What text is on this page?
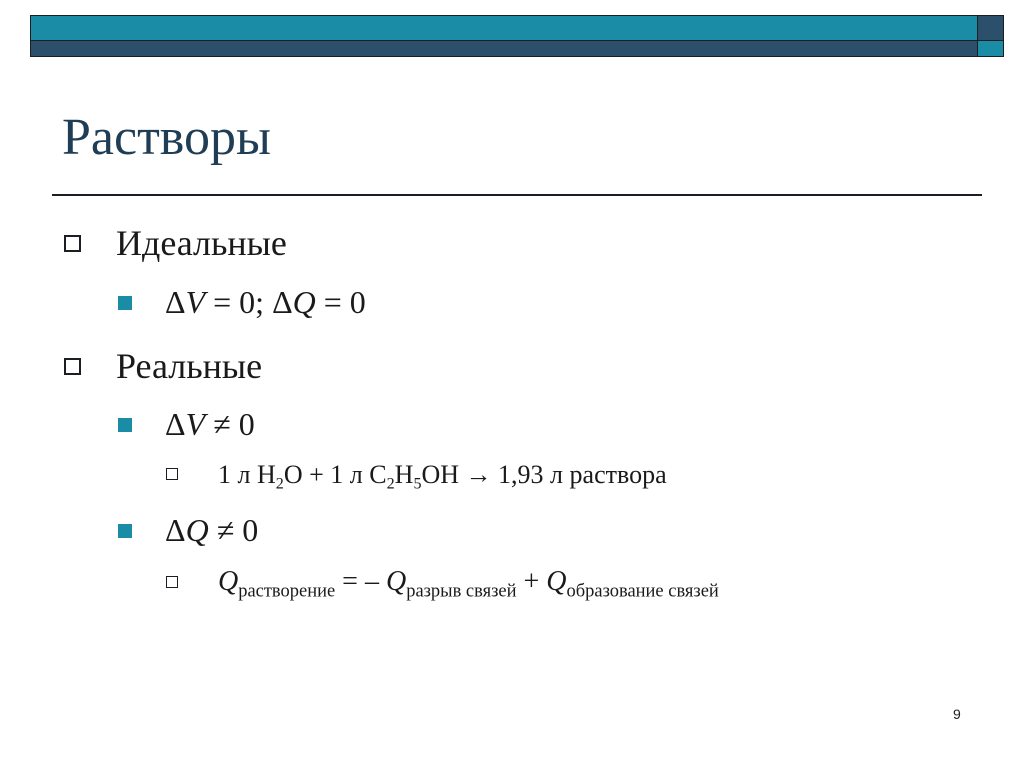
Растворы
Идеальные
ΔV = 0; ΔQ = 0
Реальные
ΔV ≠ 0
1 л $H_2O + 1$ л $C_2H_5OH \to 1,93$ л раствора
ΔQ ≠ 0
$Q_{растворение}$ = – $Q_{разрыв связей} + Q_{образование связей}$
9
